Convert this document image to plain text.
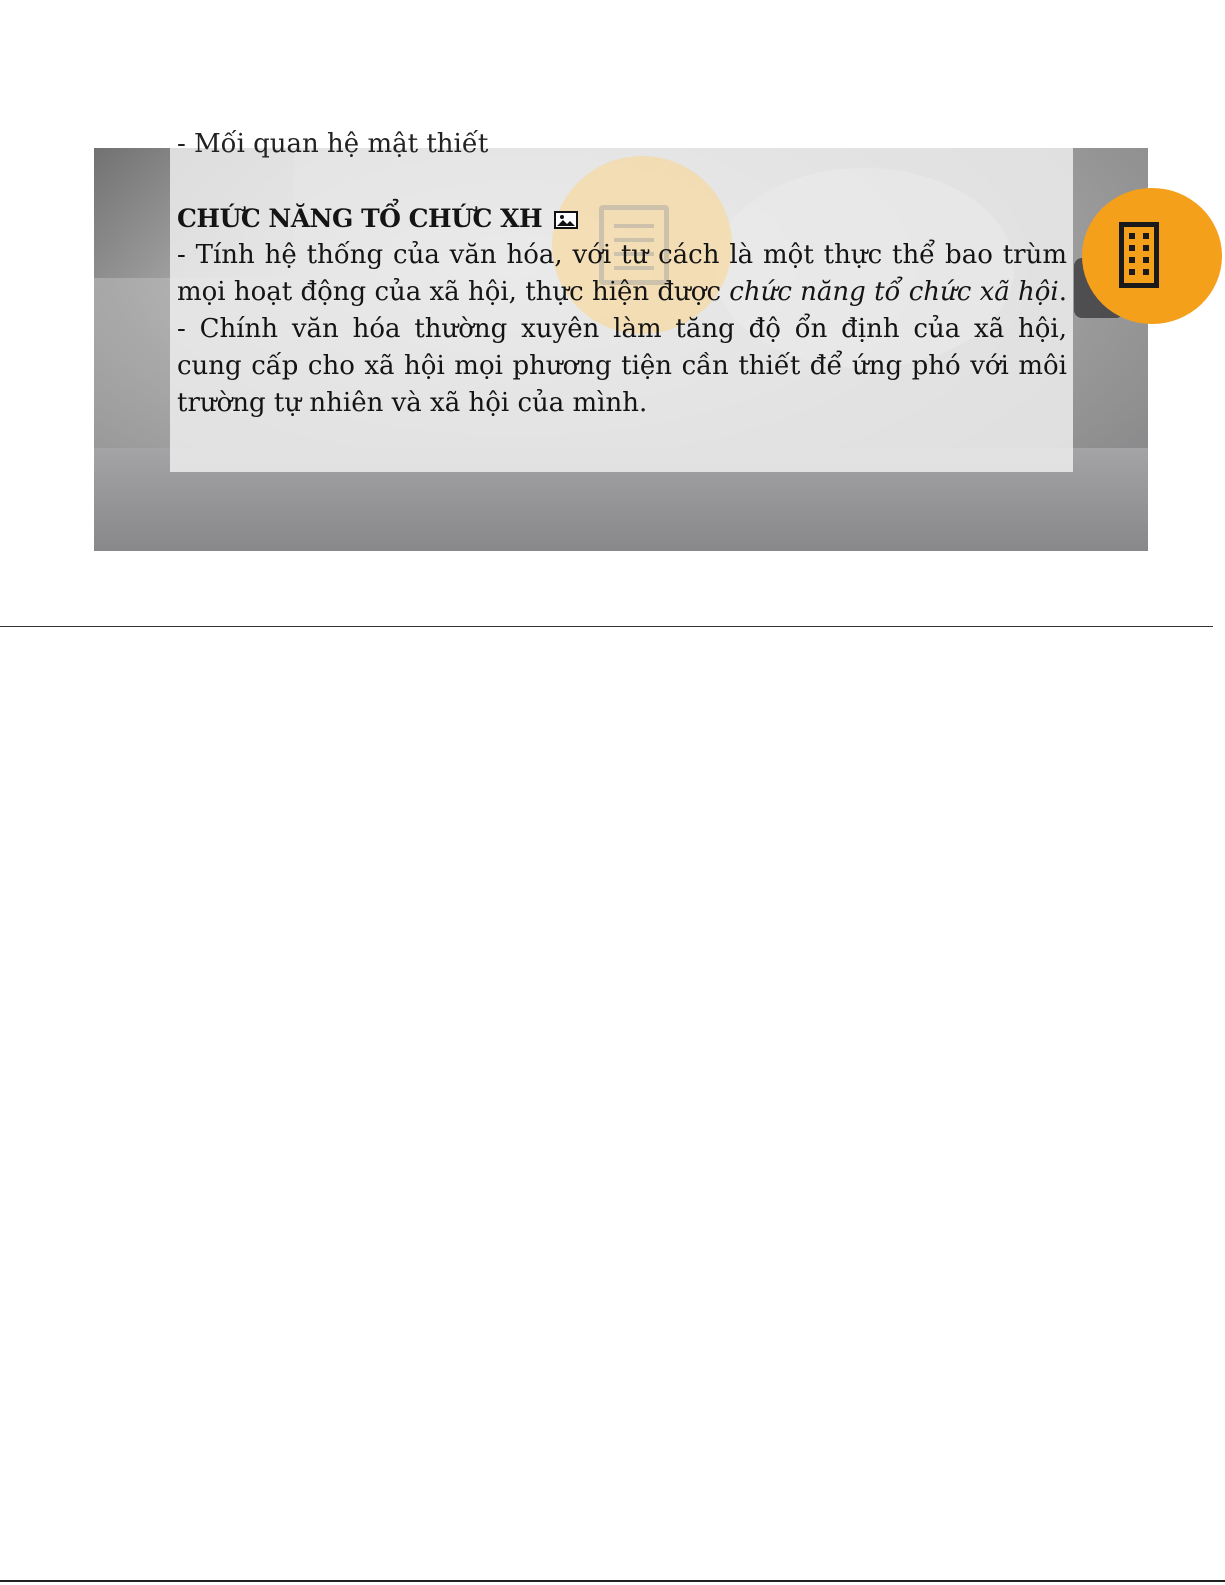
- Mối quan hệ mật thiết
CHỨC NĂNG TỔ CHỨC XH

- Tính hệ thống của văn hóa, với tư cách là một thực thể bao trùm mọi hoạt động của xã hội, thực hiện được chức năng tổ chức xã hội.

- Chính văn hóa thường xuyên làm tăng độ ổn định của xã hội, cung cấp cho xã hội mọi phương tiện cần thiết để ứng phó với môi trường tự nhiên và xã hội của mình.
